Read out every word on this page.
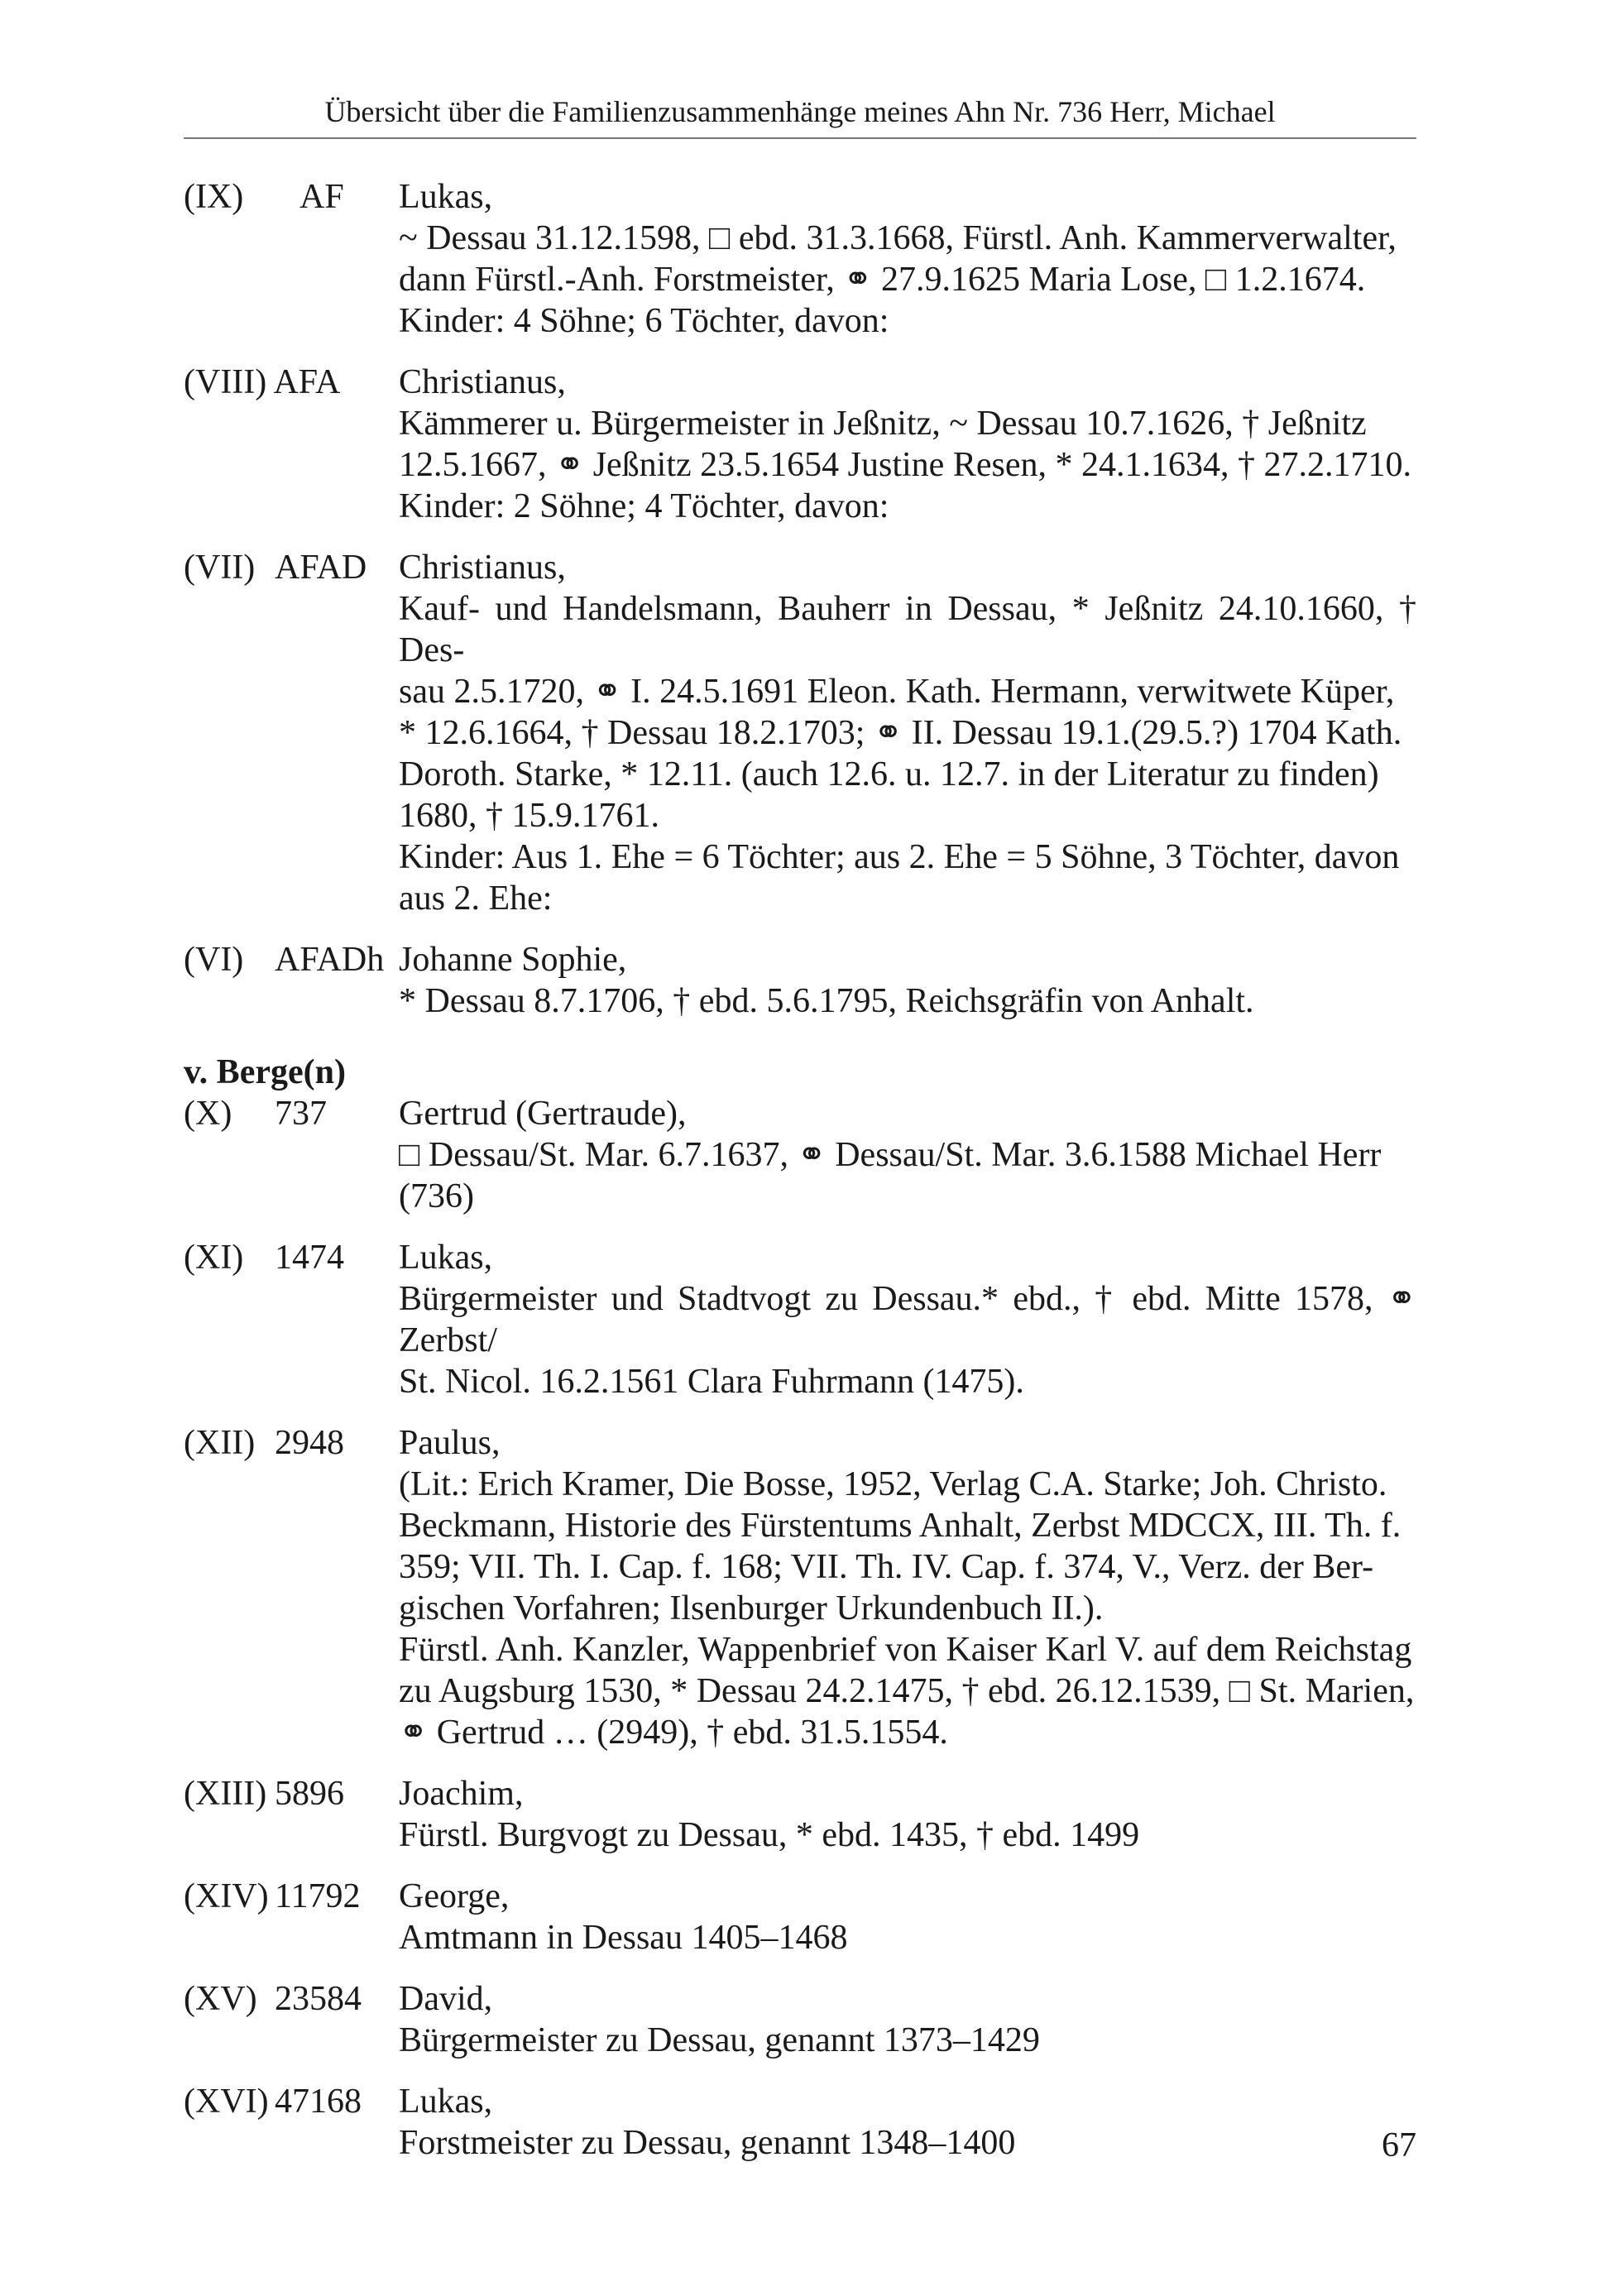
Übersicht über die Familienzusammenhänge meines Ahn Nr. 736 Herr, Michael
(IX)	AF	Lukas,
~ Dessau 31.12.1598, □ ebd. 31.3.1668, Fürstl. Anh. Kammerverwalter,
dann Fürstl.-Anh. Forstmeister, ⚭ 27.9.1625 Maria Lose, □ 1.2.1674.
Kinder: 4 Söhne; 6 Töchter, davon:
(VIII) AFA	Christianus,
Kämmerer u. Bürgermeister in Jeßnitz, ~ Dessau 10.7.1626, † Jeßnitz
12.5.1667, ⚭ Jeßnitz 23.5.1654 Justine Resen, * 24.1.1634, † 27.2.1710.
Kinder: 2 Söhne; 4 Töchter, davon:
(VII) AFAD Christianus,
Kauf- und Handelsmann, Bauherr in Dessau, * Jeßnitz 24.10.1660, † Des-
sau 2.5.1720, ⚭ I. 24.5.1691 Eleon. Kath. Hermann, verwitwete Küper,
* 12.6.1664, † Dessau 18.2.1703; ⚭ II. Dessau 19.1.(29.5.?) 1704 Kath.
Doroth. Starke, * 12.11. (auch 12.6. u. 12.7. in der Literatur zu finden)
1680, † 15.9.1761.
Kinder: Aus 1. Ehe = 6 Töchter; aus 2. Ehe = 5 Söhne, 3 Töchter, davon
aus 2. Ehe:
(VI) AFADh Johanne Sophie,
* Dessau 8.7.1706, † ebd. 5.6.1795, Reichsgräfin von Anhalt.
v. Berge(n)
(X)	737	Gertrud (Gertraude),
□ Dessau/St. Mar. 6.7.1637, ⚭ Dessau/St. Mar. 3.6.1588 Michael Herr
(736)
(XI) 1474	Lukas,
Bürgermeister und Stadtvogt zu Dessau.* ebd., † ebd. Mitte 1578, ⚭ Zerbst/
St. Nicol. 16.2.1561 Clara Fuhrmann (1475).
(XII) 2948	Paulus,
(Lit.: Erich Kramer, Die Bosse, 1952, Verlag C.A. Starke; Joh. Christo.
Beckmann, Historie des Fürstentums Anhalt, Zerbst MDCCX, III. Th. f.
359; VII. Th. I. Cap. f. 168; VII. Th. IV. Cap. f. 374, V., Verz. der Ber-
gischen Vorfahren; Ilsenburger Urkundenbuch II.).
Fürstl. Anh. Kanzler, Wappenbrief von Kaiser Karl V. auf dem Reichstag
zu Augsburg 1530, * Dessau 24.2.1475, † ebd. 26.12.1539, □ St. Marien,
⚭ Gertrud … (2949), † ebd. 31.5.1554.
(XIII) 5896	Joachim,
Fürstl. Burgvogt zu Dessau, * ebd. 1435, † ebd. 1499
(XIV) 11792	George,
Amtmann in Dessau 1405–1468
(XV) 23584	David,
Bürgermeister zu Dessau, genannt 1373–1429
(XVI) 47168	Lukas,
Forstmeister zu Dessau, genannt 1348–1400	67
